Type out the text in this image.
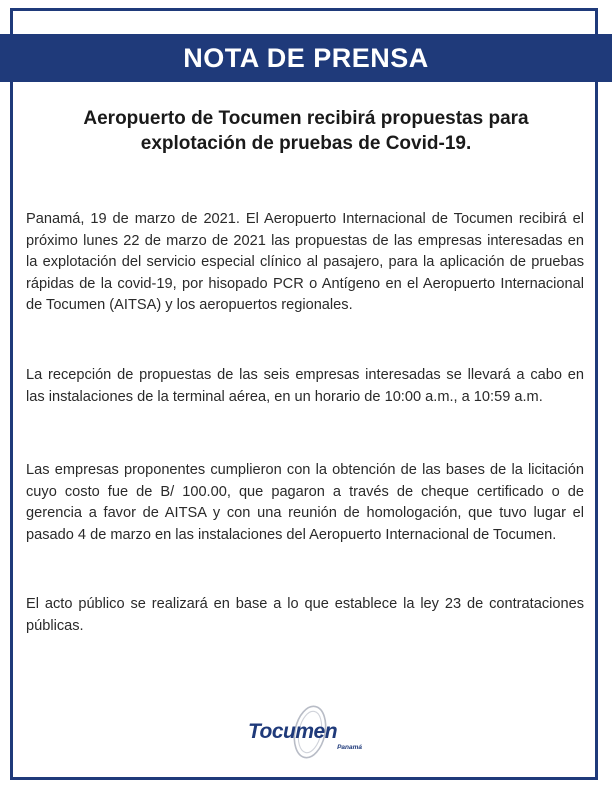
NOTA DE PRENSA
Aeropuerto de Tocumen recibirá propuestas para explotación de pruebas de Covid-19.

Panamá, 19 de marzo de 2021. El Aeropuerto Internacional de Tocumen recibirá el próximo lunes 22 de marzo de 2021 las propuestas de las empresas interesadas en la explotación del servicio especial clínico al pasajero, para la aplicación de pruebas rápidas de la covid-19, por hisopado PCR o Antígeno en el Aeropuerto Internacional de Tocumen (AITSA) y los aeropuertos regionales.

La recepción de propuestas de las seis empresas interesadas se llevará a cabo en las instalaciones de la terminal aérea, en un horario de 10:00 a.m., a 10:59 a.m.

Las empresas proponentes cumplieron con la obtención de las bases de la licitación cuyo costo fue de B/ 100.00, que pagaron a través de cheque certificado o de gerencia a favor de AITSA y con una reunión de homologación, que tuvo lugar el pasado 4 de marzo en las instalaciones del Aeropuerto Internacional de Tocumen.

El acto público se realizará en base a lo que establece la ley 23 de contrataciones públicas.

Tocumen
Panamá
